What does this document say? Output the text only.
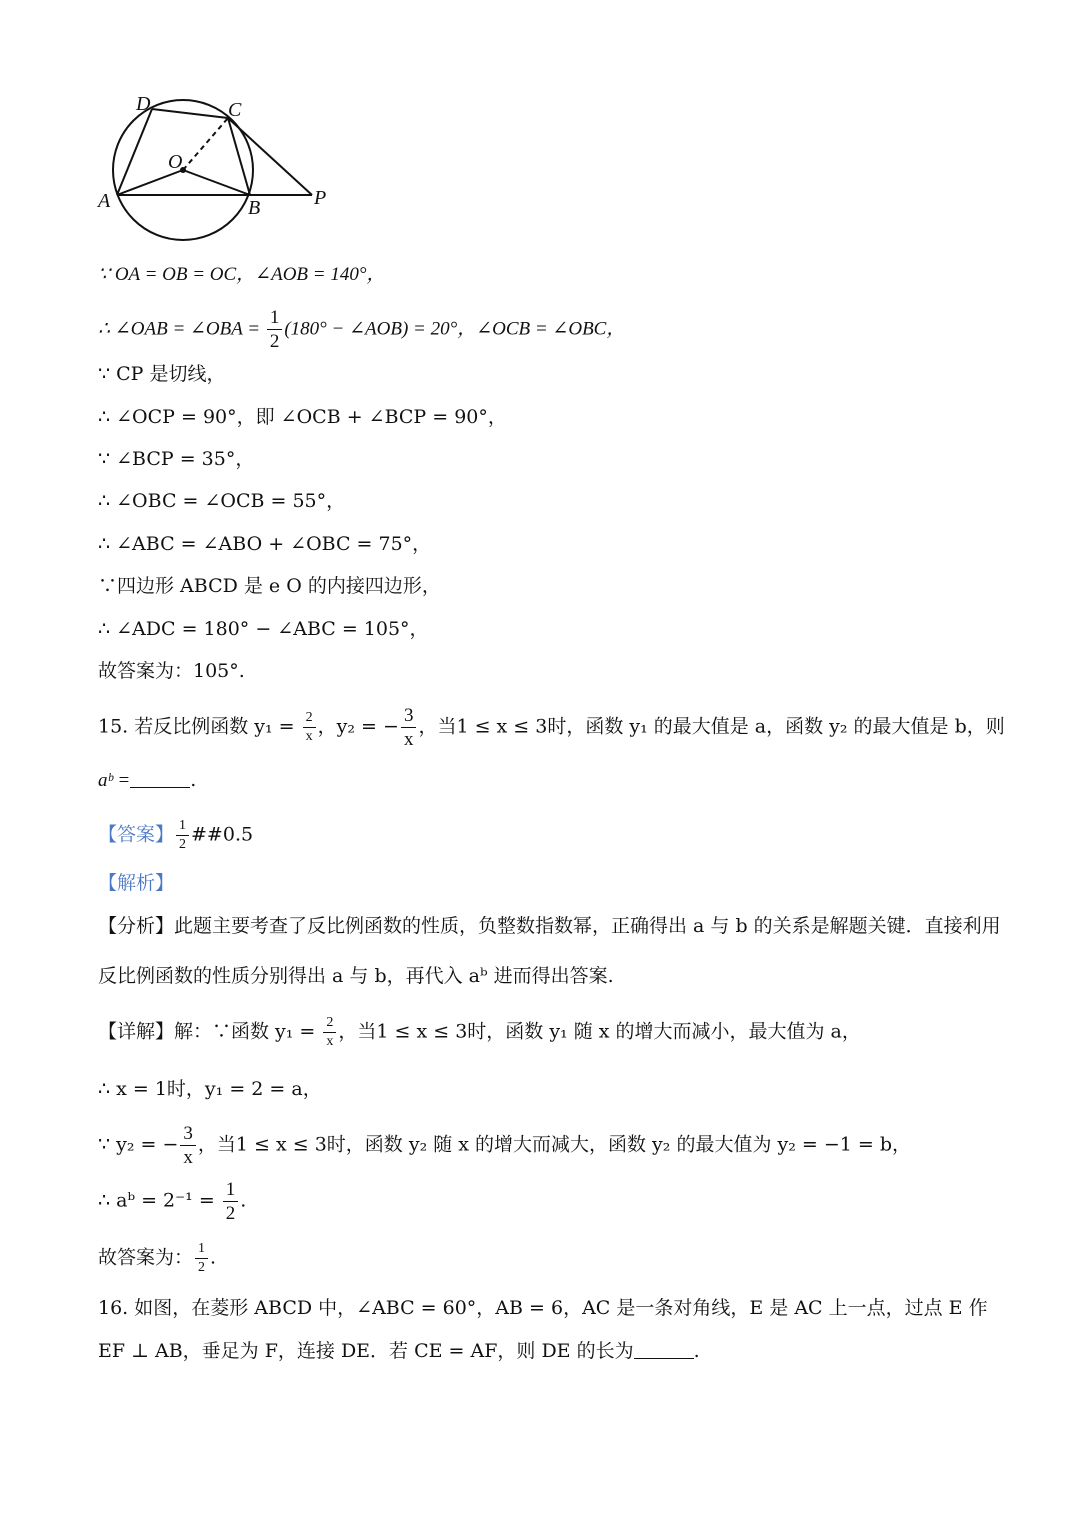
D	C
O
A	B	P
∵ OA = OB = OC，∠AOB = 140°，
∴ ∠OAB = ∠OBA = $\frac{1}{2} (180^\circ$ − ∠AOB) = 20°，∠OCB = ∠OBC，
∵ CP 是切线，
∴ ∠OCP = 90°，即 ∠OCB + ∠BCP = 90°，
∵ ∠BCP = 35°，
∴ ∠OBC = ∠OCB = 55°，
∴ ∠ABC = ∠ABO + ∠OBC = 75°，
∵四边形 ABCD 是 e O 的内接四边形，
∴ ∠ADC = 180° − ∠ABC = 105°，
故答案为：105°.
15. 若反比例函数 $y_1 = \frac{2}{x}$ ，y₂ = − $\frac{3}{x}$ ，当1 ≤ x ≤ 3时，函数 y₁ 的最大值是 a，函数 y₂ 的最大值是 b，则
aᵇ =	.
【答案】 $\frac{1}{2}$ ##0.5
【解析】
【分析】此题主要考查了反比例函数的性质，负整数指数幂，正确得出 a 与 b 的关系是解题关键．直接利用
反比例函数的性质分别得出 a 与 b，再代入 aᵇ 进而得出答案.
【详解】解：∵函数 $y_1 = \frac{2}{x}$ ，当1 ≤ x ≤ 3时，函数 y₁ 随 x 的增大而减小，最大值为 a，
∴ x = 1时，y₁ = 2 = a，
∵ y₂ = − $\frac{3}{x}$ ，当1 ≤ x ≤ 3时，函数 y₂ 随 x 的增大而减大，函数 y₂ 的最大值为 y₂ = −1 = b，
∴ aᵇ = $2^{-1} = \frac{1}{2}$ .
故答案为： $\frac{1}{2}$ .
16. 如图，在菱形 ABCD 中，∠ABC = 60°，AB = 6，AC 是一条对角线，E 是 AC 上一点，过点 E 作
EF ⊥ AB，垂足为 F，连接 DE．若 CE = AF，则 DE 的长为	.
